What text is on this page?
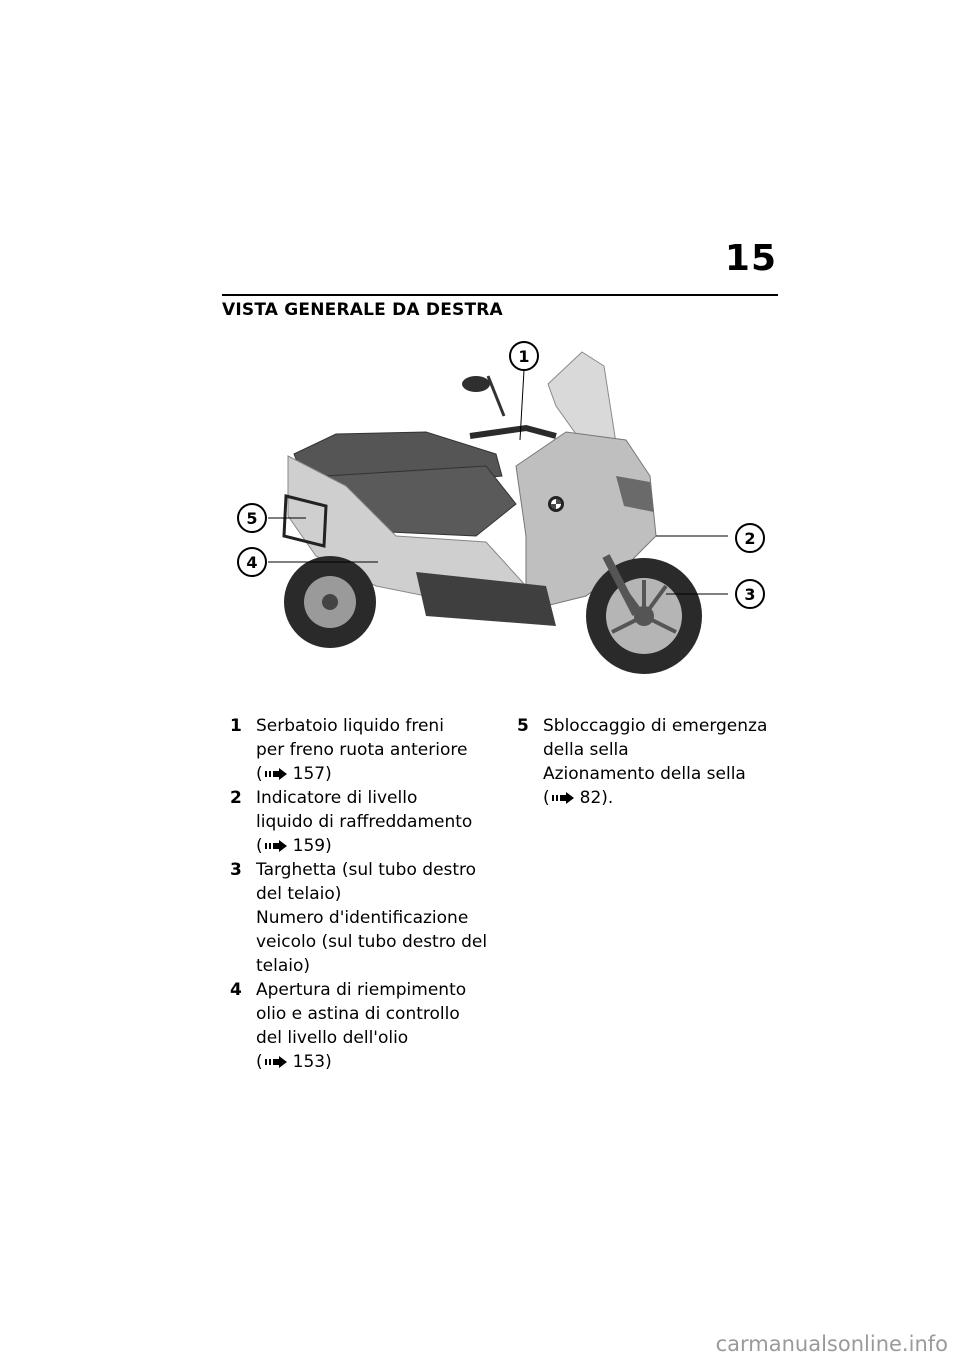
15
VISTA GENERALE DA DESTRA
1
2
3
4
5
1 Serbatoio liquido freni
per freno ruota anteriore
( 157)
2 Indicatore di livello
liquido di raffreddamento
( 159)
3 Targhetta (sul tubo destro
del telaio)
Numero d'identificazione
veicolo (sul tubo destro del
telaio)
4 Apertura di riempimento
olio e astina di controllo
del livello dell'olio
( 153)
5 Sbloccaggio di emergenza
della sella
Azionamento della sella
( 82).
carmanualsonline.info
